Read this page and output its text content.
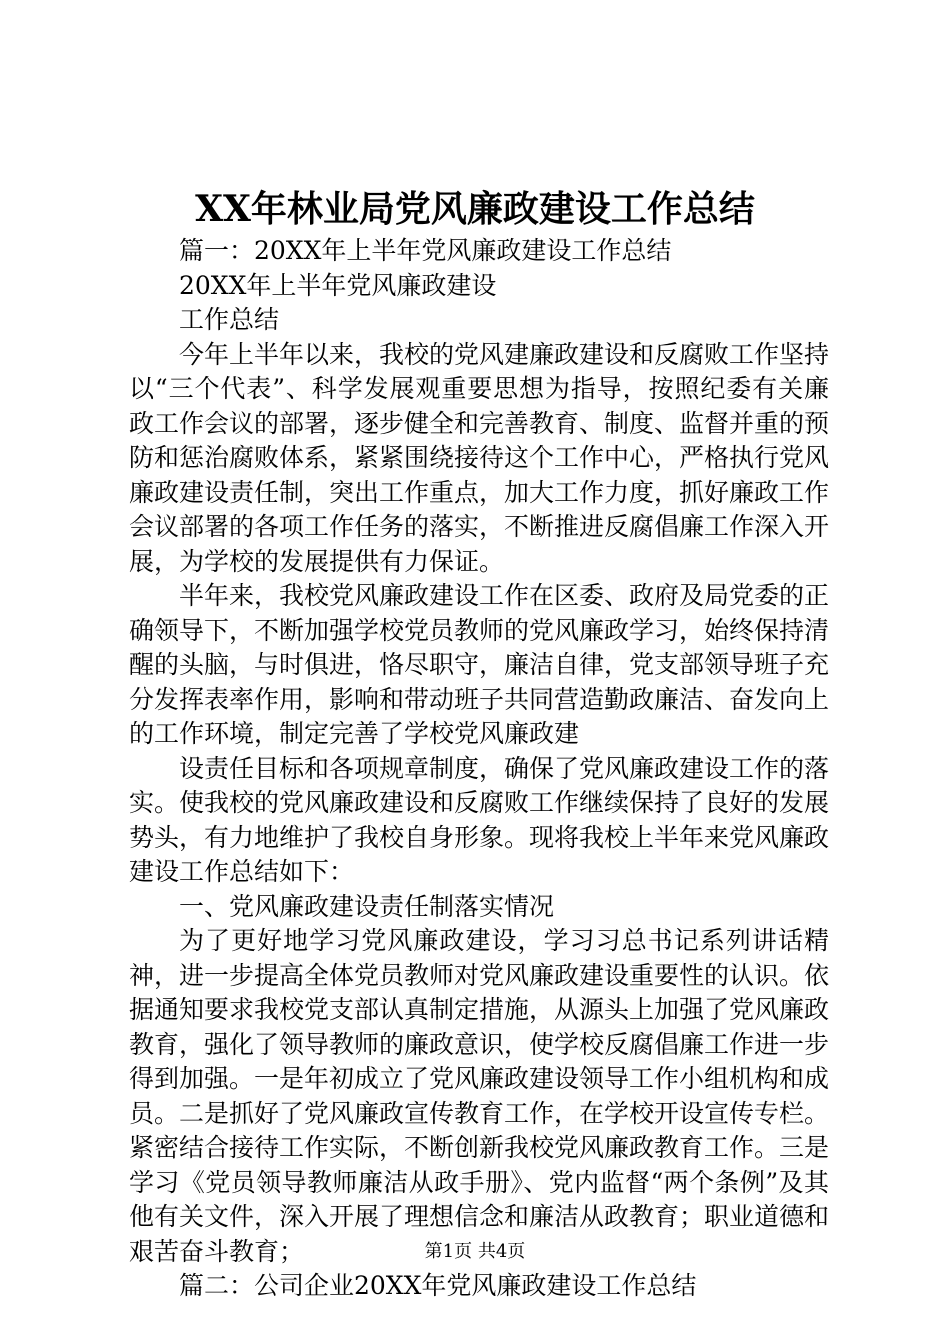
XX年林业局党风廉政建设工作总结

篇一：20XX年上半年党风廉政建设工作总结

20XX年上半年党风廉政建设

工作总结

今年上半年以来，我校的党风建廉政建设和反腐败工作坚持以“三个代表”、科学发展观重要思想为指导，按照纪委有关廉政工作会议的部署，逐步健全和完善教育、制度、监督并重的预防和惩治腐败体系，紧紧围绕接待这个工作中心，严格执行党风廉政建设责任制，突出工作重点，加大工作力度，抓好廉政工作会议部署的各项工作任务的落实，不断推进反腐倡廉工作深入开展，为学校的发展提供有力保证。

半年来，我校党风廉政建设工作在区委、政府及局党委的正确领导下，不断加强学校党员教师的党风廉政学习，始终保持清醒的头脑，与时俱进，恪尽职守，廉洁自律，党支部领导班子充分发挥表率作用，影响和带动班子共同营造勤政廉洁、奋发向上的工作环境，制定完善了学校党风廉政建

设责任目标和各项规章制度，确保了党风廉政建设工作的落实。使我校的党风廉政建设和反腐败工作继续保持了良好的发展势头，有力地维护了我校自身形象。现将我校上半年来党风廉政建设工作总结如下：

一、党风廉政建设责任制落实情况

为了更好地学习党风廉政建设，学习习总书记系列讲话精神，进一步提高全体党员教师对党风廉政建设重要性的认识。依据通知要求我校党支部认真制定措施，从源头上加强了党风廉政教育，强化了领导教师的廉政意识，使学校反腐倡廉工作进一步得到加强。一是年初成立了党风廉政建设领导工作小组机构和成员。二是抓好了党风廉政宣传教育工作，在学校开设宣传专栏。紧密结合接待工作实际，不断创新我校党风廉政教育工作。三是学习《党员领导教师廉洁从政手册》、党内监督“两个条例”及其他有关文件，深入开展了理想信念和廉洁从政教育；职业道德和艰苦奋斗教育；

篇二：公司企业20XX年党风廉政建设工作总结

第1页 共4页
